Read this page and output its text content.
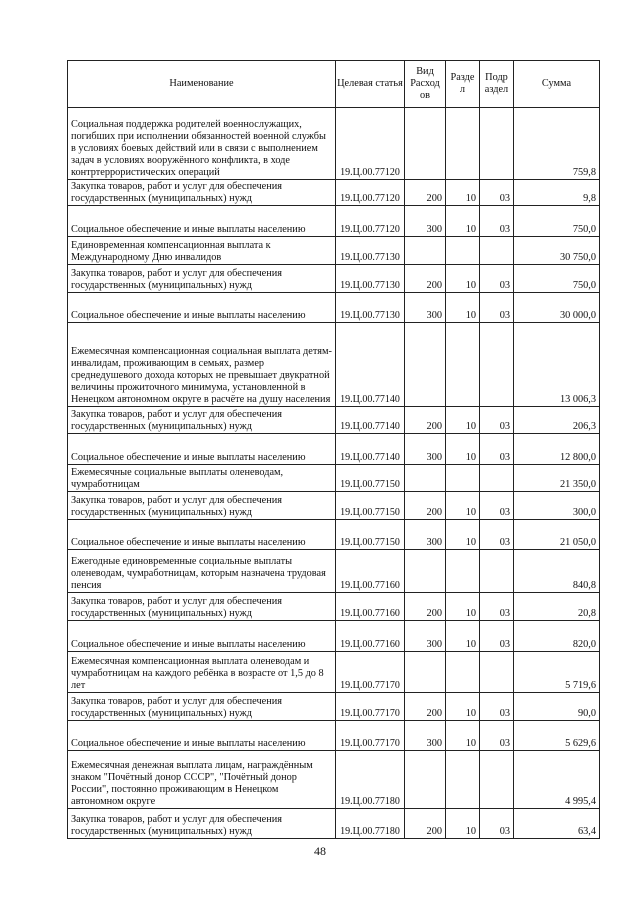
Наименование	Целевая статья	Вид Расход ов	Разде л	Подр аздел	Сумма
Социальная поддержка родителей военнослужащих, погибших при исполнении обязанностей военной службы в условиях боевых действий или в связи с выполнением задач в условиях вооружённого конфликта, в ходе контртеррористических операций	19.Ц.00.77120				759,8
Закупка товаров, работ и услуг для обеспечения государственных (муниципальных) нужд	19.Ц.00.77120	200	10	03	9,8
Социальное обеспечение и иные выплаты населению	19.Ц.00.77120	300	10	03	750,0
Единовременная компенсационная выплата к Международному Дню инвалидов	19.Ц.00.77130				30 750,0
Закупка товаров, работ и услуг для обеспечения государственных (муниципальных) нужд	19.Ц.00.77130	200	10	03	750,0
Социальное обеспечение и иные выплаты населению	19.Ц.00.77130	300	10	03	30 000,0
Ежемесячная компенсационная социальная выплата детям-инвалидам, проживающим в семьях, размер среднедушевого дохода которых не превышает двукратной величины прожиточного минимума, установленной в Ненецком автономном округе в расчёте на душу населения	19.Ц.00.77140				13 006,3
Закупка товаров, работ и услуг для обеспечения государственных (муниципальных) нужд	19.Ц.00.77140	200	10	03	206,3
Социальное обеспечение и иные выплаты населению	19.Ц.00.77140	300	10	03	12 800,0
Ежемесячные социальные выплаты оленеводам, чумработницам	19.Ц.00.77150				21 350,0
Закупка товаров, работ и услуг для обеспечения государственных (муниципальных) нужд	19.Ц.00.77150	200	10	03	300,0
Социальное обеспечение и иные выплаты населению	19.Ц.00.77150	300	10	03	21 050,0
Ежегодные единовременные социальные выплаты оленеводам, чумработницам, которым назначена трудовая пенсия	19.Ц.00.77160				840,8
Закупка товаров, работ и услуг для обеспечения государственных (муниципальных) нужд	19.Ц.00.77160	200	10	03	20,8
Социальное обеспечение и иные выплаты населению	19.Ц.00.77160	300	10	03	820,0
Ежемесячная компенсационная выплата оленеводам и чумработницам на каждого ребёнка в возрасте от 1,5 до 8 лет	19.Ц.00.77170				5 719,6
Закупка товаров, работ и услуг для обеспечения государственных (муниципальных) нужд	19.Ц.00.77170	200	10	03	90,0
Социальное обеспечение и иные выплаты населению	19.Ц.00.77170	300	10	03	5 629,6
Ежемесячная денежная выплата лицам, награждённым знаком "Почётный донор СССР", "Почётный донор России", постоянно проживающим в Ненецком автономном округе	19.Ц.00.77180				4 995,4
Закупка товаров, работ и услуг для обеспечения государственных (муниципальных) нужд	19.Ц.00.77180	200	10	03	63,4
48
